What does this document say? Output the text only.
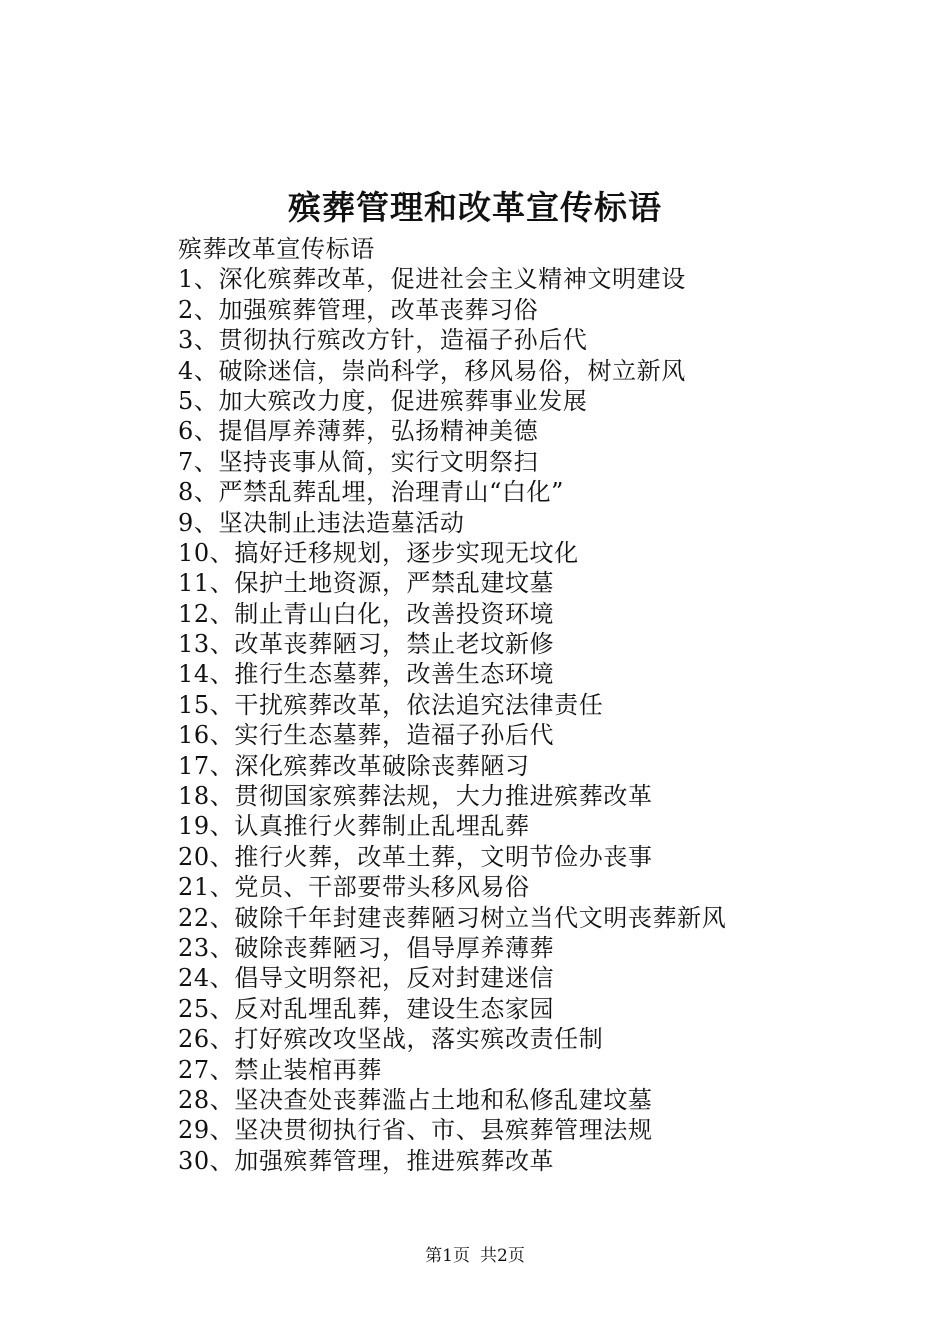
殡葬管理和改革宣传标语
殡葬改革宣传标语
1、深化殡葬改革，促进社会主义精神文明建设
2、加强殡葬管理，改革丧葬习俗
3、贯彻执行殡改方针，造福子孙后代
4、破除迷信，崇尚科学，移风易俗，树立新风
5、加大殡改力度，促进殡葬事业发展
6、提倡厚养薄葬，弘扬精神美德
7、坚持丧事从简，实行文明祭扫
8、严禁乱葬乱埋，治理青山“白化”
9、坚决制止违法造墓活动
10、搞好迁移规划，逐步实现无坟化
11、保护土地资源，严禁乱建坟墓
12、制止青山白化，改善投资环境
13、改革丧葬陋习，禁止老坟新修
14、推行生态墓葬，改善生态环境
15、干扰殡葬改革，依法追究法律责任
16、实行生态墓葬，造福子孙后代
17、深化殡葬改革破除丧葬陋习
18、贯彻国家殡葬法规，大力推进殡葬改革
19、认真推行火葬制止乱埋乱葬
20、推行火葬，改革土葬，文明节俭办丧事
21、党员、干部要带头移风易俗
22、破除千年封建丧葬陋习树立当代文明丧葬新风
23、破除丧葬陋习，倡导厚养薄葬
24、倡导文明祭祀，反对封建迷信
25、反对乱埋乱葬，建设生态家园
26、打好殡改攻坚战，落实殡改责任制
27、禁止装棺再葬
28、坚决查处丧葬滥占土地和私修乱建坟墓
29、坚决贯彻执行省、市、县殡葬管理法规
30、加强殡葬管理，推进殡葬改革
第1页 共2页
